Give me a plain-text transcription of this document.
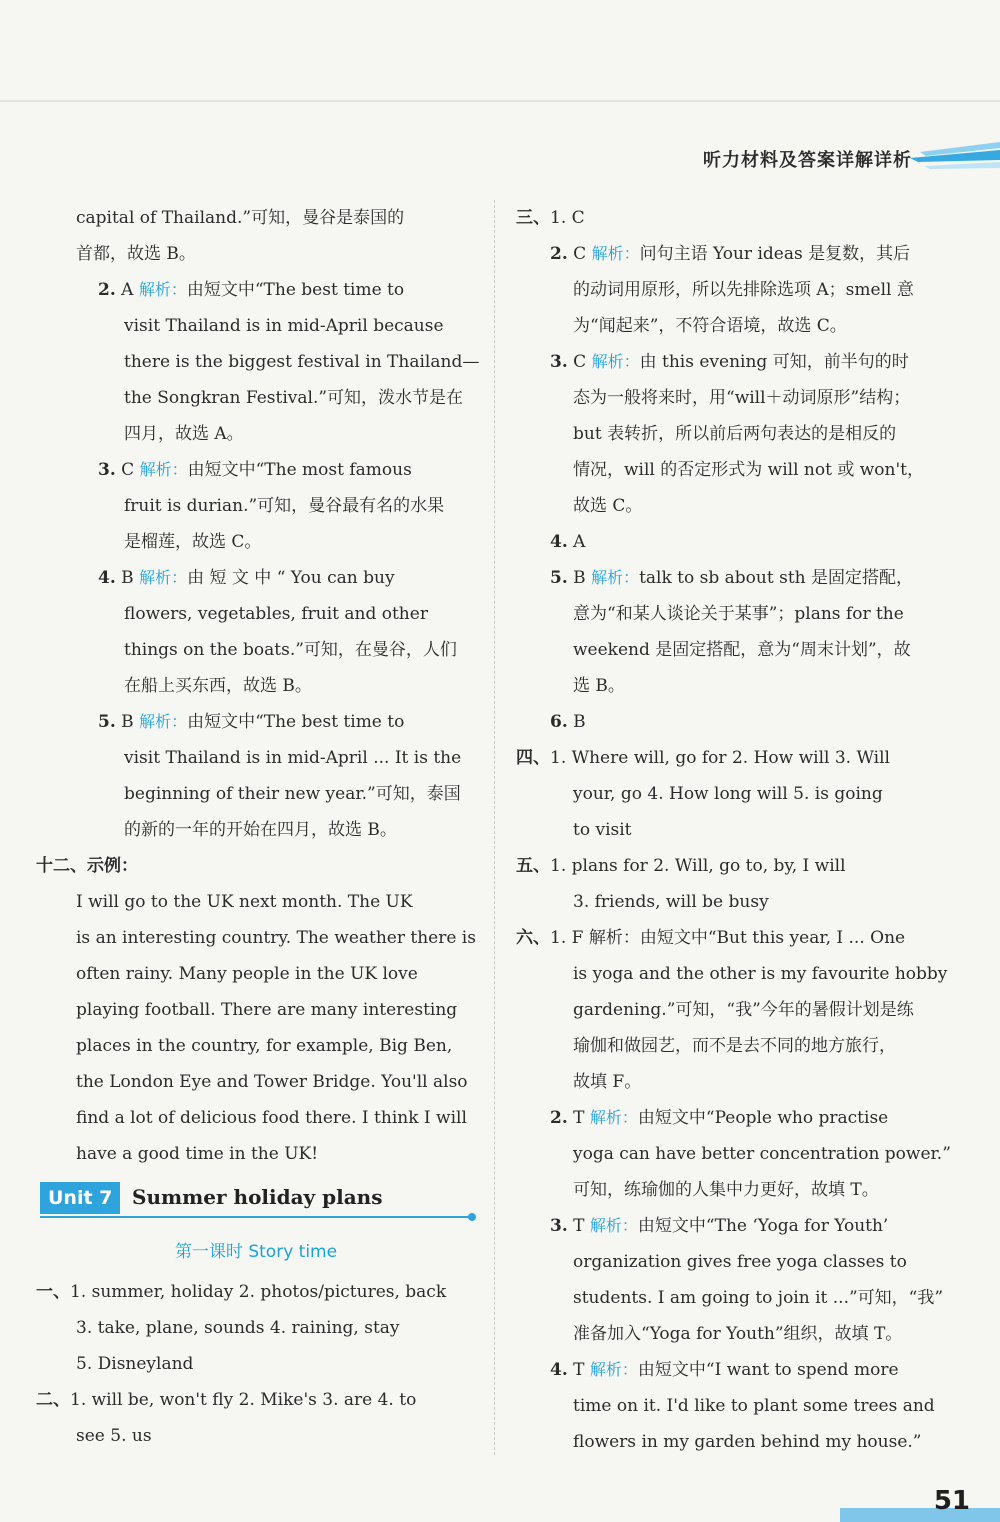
听力材料及答案详解详析
capital of Thailand.”可知，曼谷是泰国的
首都，故选 B。
2. A 解析：由短文中“The best time to
visit Thailand is in mid-April because
there is the biggest festival in Thailand—
the Songkran Festival.”可知，泼水节是在
四月，故选 A。
3. C 解析：由短文中“The most famous
fruit is durian.”可知，曼谷最有名的水果
是榴莲，故选 C。
4. B 解析：由 短 文 中 “ You can buy
flowers, vegetables, fruit and other
things on the boats.”可知，在曼谷，人们
在船上买东西，故选 B。
5. B 解析：由短文中“The best time to
visit Thailand is in mid-April ... It is the
beginning of their new year.”可知，泰国
的新的一年的开始在四月，故选 B。
十二、示例：
I will go to the UK next month. The UK
is an interesting country. The weather there is
often rainy. Many people in the UK love
playing football. There are many interesting
places in the country, for example, Big Ben,
the London Eye and Tower Bridge. You'll also
find a lot of delicious food there. I think I will
have a good time in the UK!
Unit 7 Summer holiday plans
第一课时 Story time
一、1. summer, holiday 2. photos/pictures, back
3. take, plane, sounds 4. raining, stay
5. Disneyland
二、1. will be, won't fly 2. Mike's 3. are 4. to
see 5. us
三、1. C
2. C 解析：问句主语 Your ideas 是复数，其后
的动词用原形，所以先排除选项 A；smell 意
为“闻起来”，不符合语境，故选 C。
3. C 解析：由 this evening 可知，前半句的时
态为一般将来时，用“will＋动词原形”结构；
but 表转折，所以前后两句表达的是相反的
情况，will 的否定形式为 will not 或 won't，
故选 C。
4. A
5. B 解析：talk to sb about sth 是固定搭配，
意为“和某人谈论关于某事”；plans for the
weekend 是固定搭配，意为“周末计划”，故
选 B。
6. B
四、1. Where will, go for 2. How will 3. Will
your, go 4. How long will 5. is going
to visit
五、1. plans for 2. Will, go to, by, I will
3. friends, will be busy
六、1. F 解析：由短文中“But this year, I ... One
is yoga and the other is my favourite hobby
gardening.”可知，“我”今年的暑假计划是练
瑜伽和做园艺，而不是去不同的地方旅行，
故填 F。
2. T 解析：由短文中“People who practise
yoga can have better concentration power.”
可知，练瑜伽的人集中力更好，故填 T。
3. T 解析：由短文中“The ‘Yoga for Youth’
organization gives free yoga classes to
students. I am going to join it ...”可知，“我”
准备加入“Yoga for Youth”组织，故填 T。
4. T 解析：由短文中“I want to spend more
time on it. I'd like to plant some trees and
flowers in my garden behind my house.”
51
